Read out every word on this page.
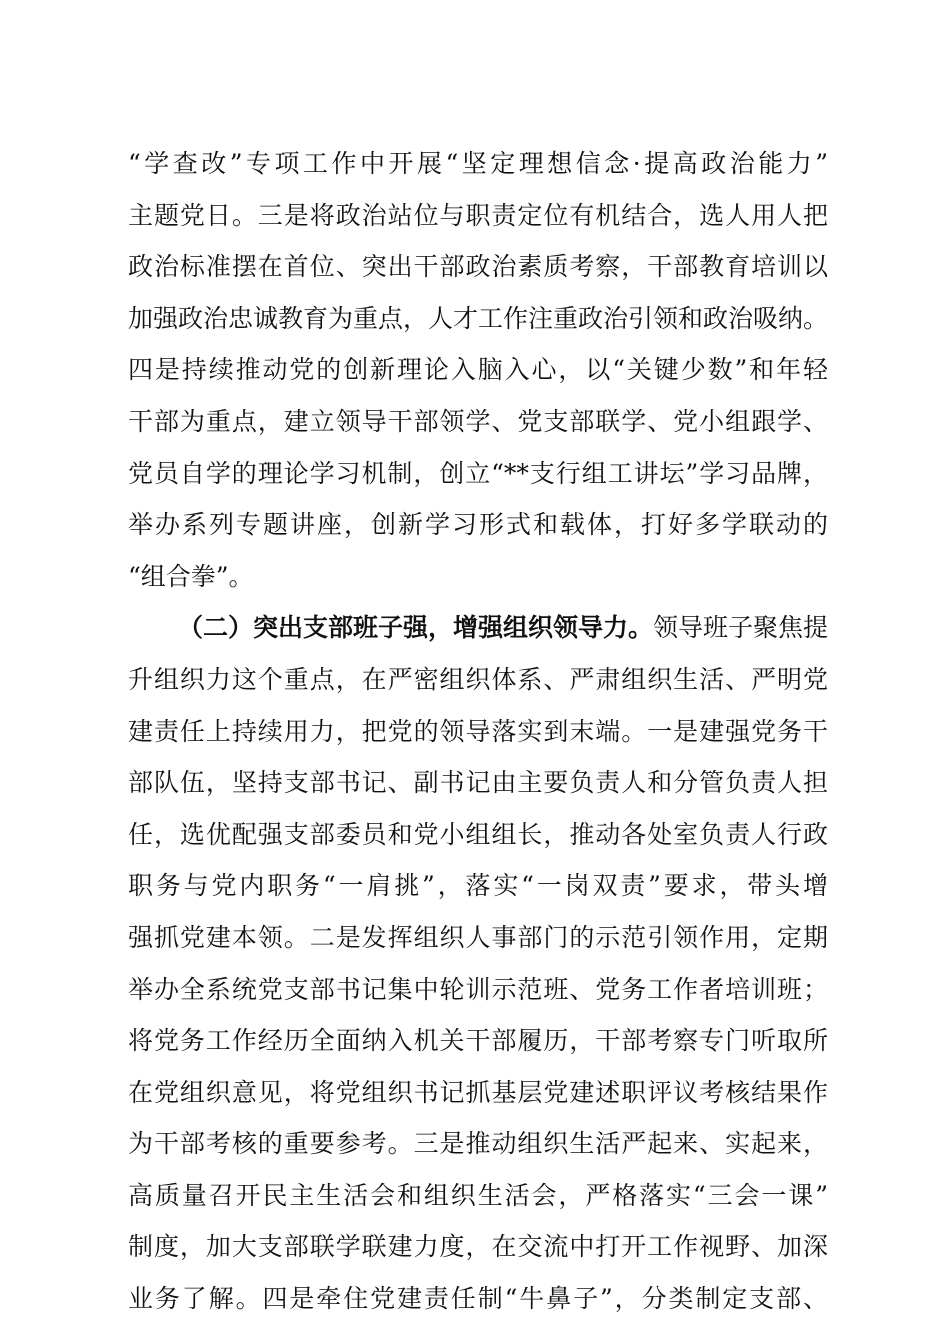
“学查改”专项工作中开展“坚定理想信念·提高政治能力”
主题党日。三是将政治站位与职责定位有机结合，选人用人把
政治标准摆在首位、突出干部政治素质考察，干部教育培训以
加强政治忠诚教育为重点，人才工作注重政治引领和政治吸纳。
四是持续推动党的创新理论入脑入心，以“关键少数”和年轻
干部为重点，建立领导干部领学、党支部联学、党小组跟学、
党员自学的理论学习机制，创立“**支行组工讲坛”学习品牌，
举办系列专题讲座，创新学习形式和载体，打好多学联动的
“组合拳”。
（二）突出支部班子强，增强组织领导力。领导班子聚焦提
升组织力这个重点，在严密组织体系、严肃组织生活、严明党
建责任上持续用力，把党的领导落实到末端。一是建强党务干
部队伍，坚持支部书记、副书记由主要负责人和分管负责人担
任，选优配强支部委员和党小组组长，推动各处室负责人行政
职务与党内职务“一肩挑”，落实“一岗双责”要求，带头增
强抓党建本领。二是发挥组织人事部门的示范引领作用，定期
举办全系统党支部书记集中轮训示范班、党务工作者培训班；
将党务工作经历全面纳入机关干部履历，干部考察专门听取所
在党组织意见，将党组织书记抓基层党建述职评议考核结果作
为干部考核的重要参考。三是推动组织生活严起来、实起来，
高质量召开民主生活会和组织生活会，严格落实“三会一课”
制度，加大支部联学联建力度，在交流中打开工作视野、加深
业务了解。四是牵住党建责任制“牛鼻子”，分类制定支部、
